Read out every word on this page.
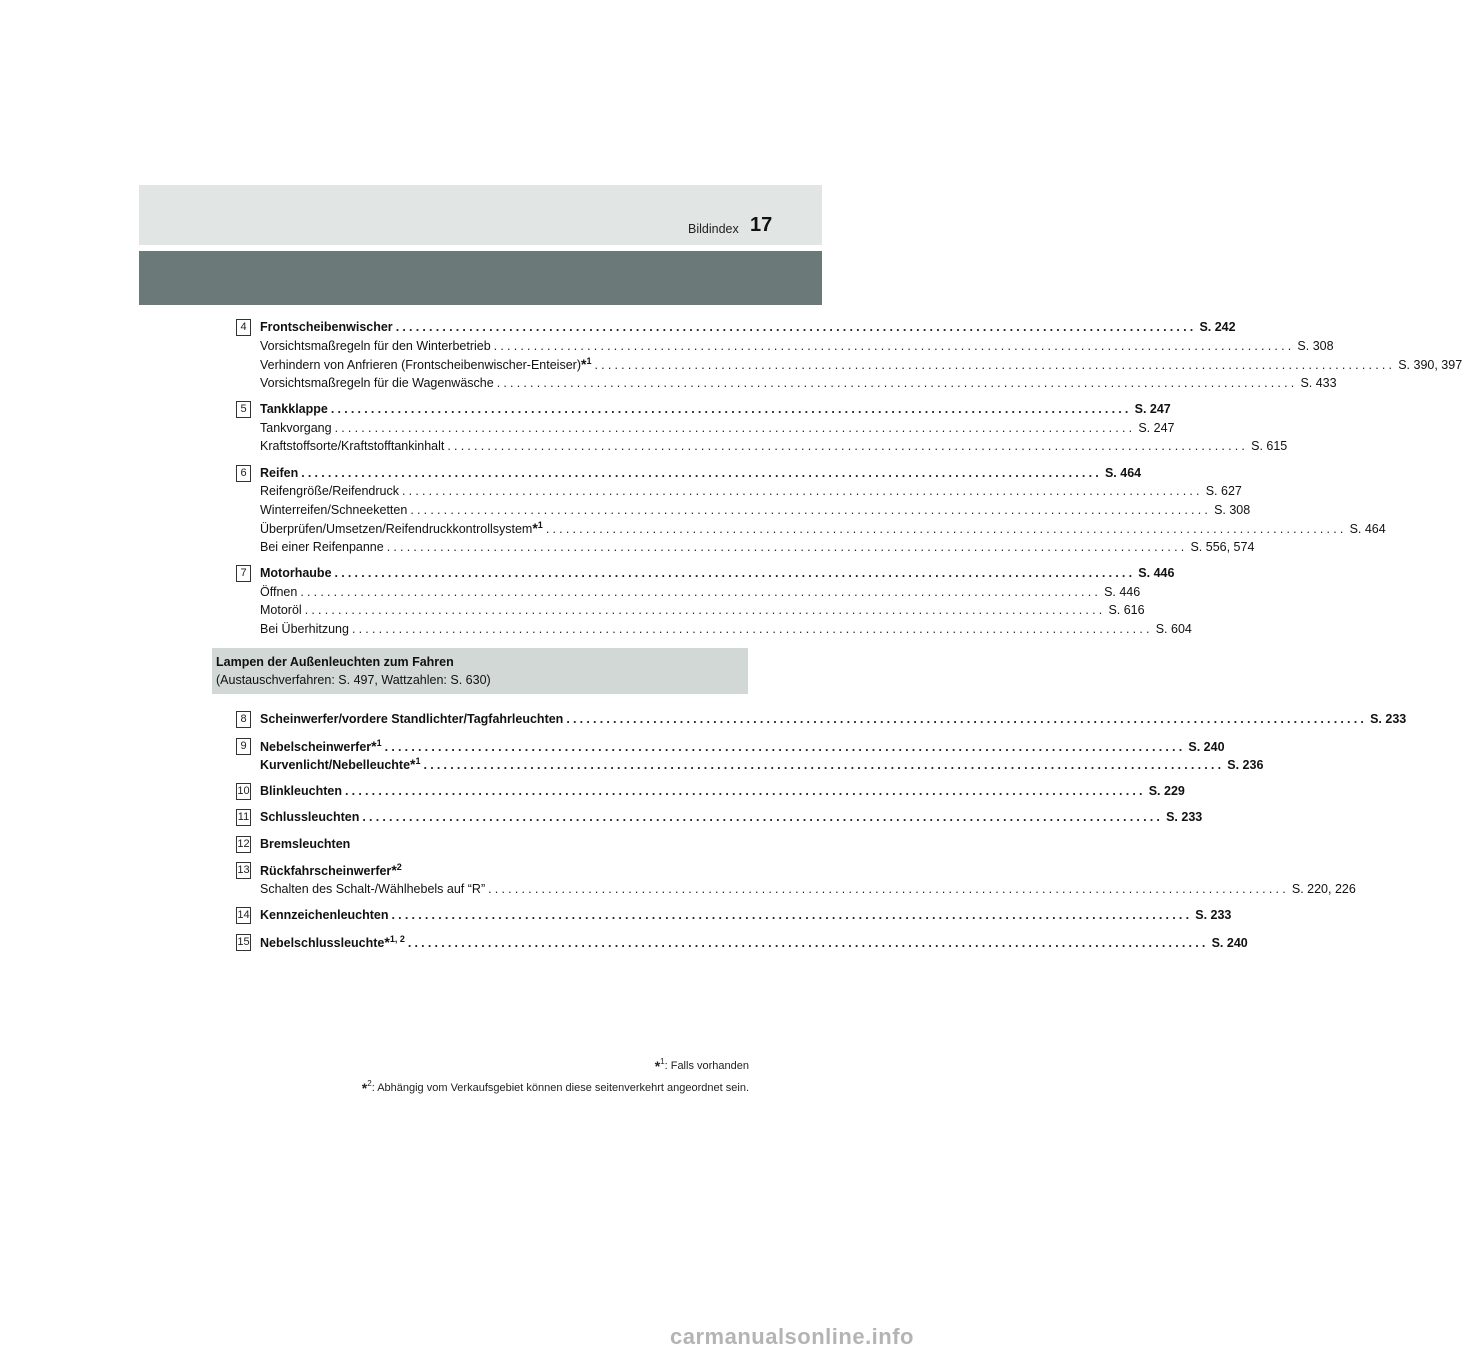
Bildindex 17
4	Frontscheibenwischer ........................................................................................................................ S. 242
Vorsichtsmaßregeln für den Winterbetrieb ........................................................................................................................ S. 308
Verhindern von Anfrieren (Frontscheibenwischer-Enteiser)*$^1$ ........................................................................................................................ S. 390, 397
Vorsichtsmaßregeln für die Wagenwäsche ........................................................................................................................ S. 433
5	Tankklappe ........................................................................................................................ S. 247
Tankvorgang ........................................................................................................................ S. 247
Kraftstoffsorte/Kraftstofftankinhalt ........................................................................................................................ S. 615
6	Reifen ........................................................................................................................ S. 464
Reifengröße/Reifendruck ........................................................................................................................ S. 627
Winterreifen/Schneeketten ........................................................................................................................ S. 308
Überprüfen/Umsetzen/Reifendruckkontrollsystem*$^1$ ........................................................................................................................ S. 464
Bei einer Reifenpanne ........................................................................................................................ S. 556, 574
7	Motorhaube ........................................................................................................................ S. 446
Öffnen ........................................................................................................................ S. 446
Motoröl ........................................................................................................................ S. 616
Bei Überhitzung ........................................................................................................................ S. 604
Lampen der Außenleuchten zum Fahren
(Austauschverfahren: S. 497, Wattzahlen: S. 630)
8	Scheinwerfer/vordere Standlichter/Tagfahrleuchten ........................................................................................................................ S. 233
9	Nebelscheinwerfer*$^1$ ........................................................................................................................ S. 240
Kurvenlicht/Nebelleuchte*$^1$ ........................................................................................................................ S. 236
10 Blinkleuchten ........................................................................................................................ S. 229
11 Schlussleuchten ........................................................................................................................ S. 233
12 Bremsleuchten
13 Rückfahrscheinwerfer*$^2$
Schalten des Schalt-/Wählhebels auf “R” ........................................................................................................................ S. 220, 226
14 Kennzeichenleuchten ........................................................................................................................ S. 233
15 Nebelschlussleuchte*$^{1, 2}$ ........................................................................................................................ S. 240
*$^1$: Falls vorhanden
*$^2$: Abhängig vom Verkaufsgebiet können diese seitenverkehrt angeordnet sein.
carmanualsonline.info
